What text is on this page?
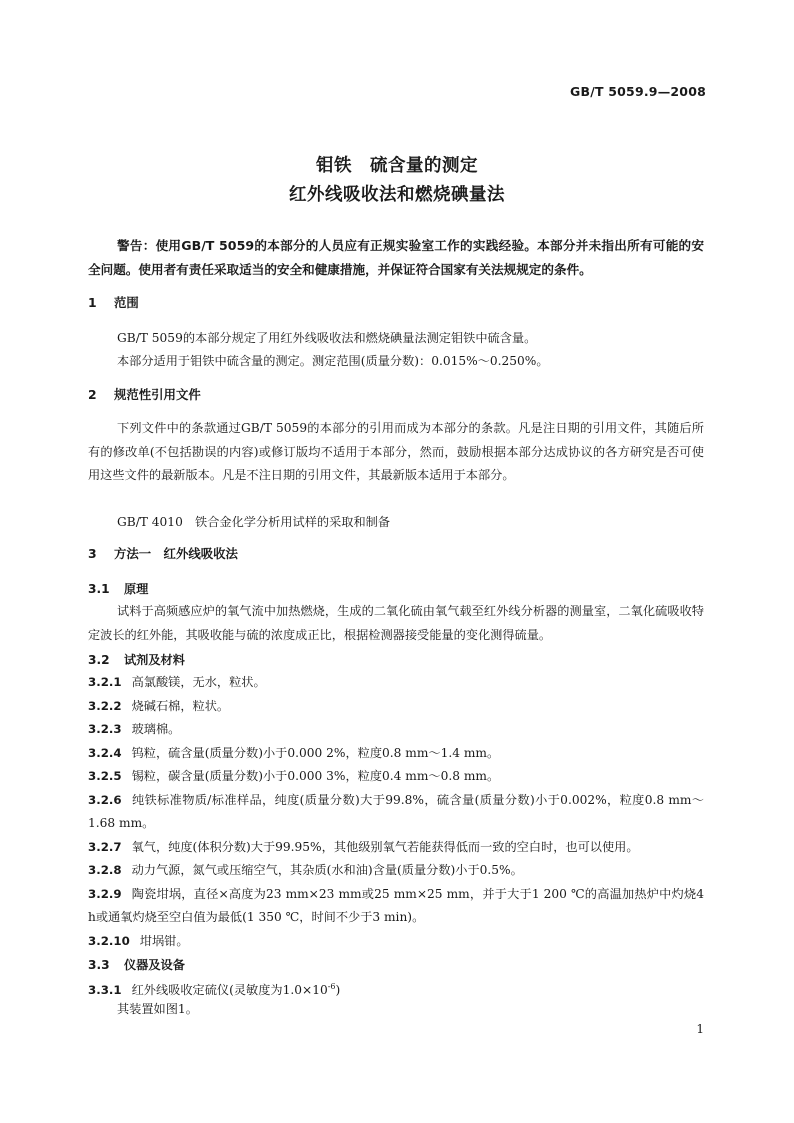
GB/T 5059.9—2008
钼铁　硫含量的测定
红外线吸收法和燃烧碘量法

警告：使用GB/T 5059的本部分的人员应有正规实验室工作的实践经验。本部分并未指出所有可能的安全问题。使用者有责任采取适当的安全和健康措施，并保证符合国家有关法规规定的条件。

1 范围

GB/T 5059的本部分规定了用红外线吸收法和燃烧碘量法测定钼铁中硫含量。

本部分适用于钼铁中硫含量的测定。测定范围(质量分数)：0.015%～0.250%。

2 规范性引用文件

下列文件中的条款通过GB/T 5059的本部分的引用而成为本部分的条款。凡是注日期的引用文件，其随后所有的修改单(不包括勘误的内容)或修订版均不适用于本部分，然而，鼓励根据本部分达成协议的各方研究是否可使用这些文件的最新版本。凡是不注日期的引用文件，其最新版本适用于本部分。

GB/T 4010　铁合金化学分析用试样的采取和制备

3 方法一　红外线吸收法
3.1 原理

试料于高频感应炉的氧气流中加热燃烧，生成的二氧化硫由氧气载至红外线分析器的测量室，二氧化硫吸收特定波长的红外能，其吸收能与硫的浓度成正比，根据检测器接受能量的变化测得硫量。

3.2 试剂及材料
3.2.1 高氯酸镁，无水，粒状。
3.2.2 烧碱石棉，粒状。
3.2.3 玻璃棉。
3.2.4 钨粒，硫含量(质量分数)小于0.000 2%，粒度0.8 mm～1.4 mm。
3.2.5 锡粒，碳含量(质量分数)小于0.000 3%，粒度0.4 mm～0.8 mm。
3.2.6 纯铁标准物质/标准样品，纯度(质量分数)大于99.8%，硫含量(质量分数)小于0.002%，粒度0.8 mm～1.68 mm。
3.2.7 氧气，纯度(体积分数)大于99.95%，其他级别氧气若能获得低而一致的空白时，也可以使用。
3.2.8 动力气源，氮气或压缩空气，其杂质(水和油)含量(质量分数)小于0.5%。
3.2.9 陶瓷坩埚，直径×高度为23 mm×23 mm或25 mm×25 mm，并于大于1 200 ℃的高温加热炉中灼烧4 h或通氧灼烧至空白值为最低(1 350 ℃，时间不少于3 min)。
3.2.10 坩埚钳。
3.3 仪器及设备
3.3.1 红外线吸收定硫仪(灵敏度为$1.0\times 10^{-6}$)

其装置如图1。

1
